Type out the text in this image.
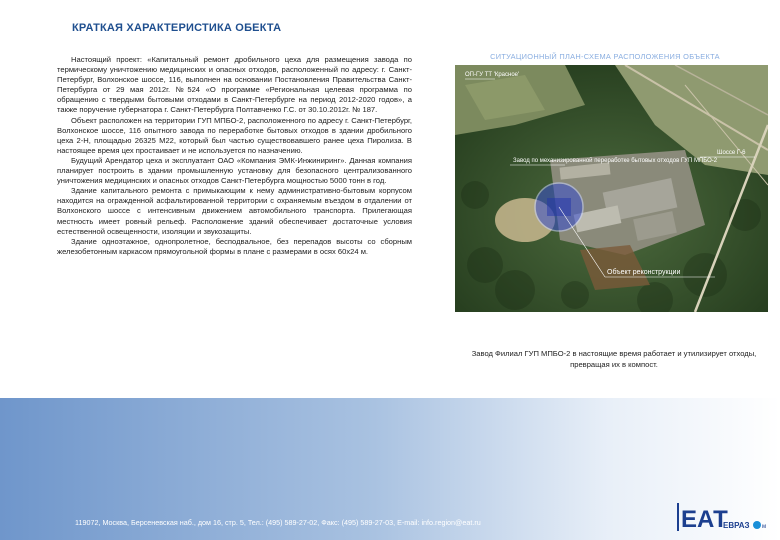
КРАТКАЯ ХАРАКТЕРИСТИКА ОБЕКТА

Настоящий проект: «Капитальный ремонт дробильного цеха для размещения завода по термическому уничтожению медицинских и опасных отходов, расположенный по адресу: г. Санкт-Петербург, Волхонское шоссе, 116, выполнен на основании Постановления Правительства Санкт-Петербурга от 29 мая 2012г. №524 «О программе «Региональная целевая программа по обращению с твердыми бытовыми отходами в Санкт-Петербурге на период 2012-2020 годов», а также поручение губернатора г. Санкт-Петербурга Полтавченко Г.С. от 30.10.2012г. № 187.

Объект расположен на территории ГУП МПБО-2, расположенного по адресу г. Санкт-Петербург, Волхонское шоссе, 116 опытного завода по переработке бытовых отходов в здании дробильного цеха 2-Н, площадью 26325 М22, который был частью существовавшего ранее цеха Пиролиза. В настоящее время цех простаивает и не используется по назначению.

Будущий Арендатор цеха и эксплуатант ОАО «Компания ЭМК-Инжиниринг». Данная компания планирует построить в здании промышленную установку для безопасного централизованного уничтожения медицинских и опасных отходов Санкт-Петербурга мощностью 5000 тонн в год.

Здание капитального ремонта с примыкающим к нему административно-бытовым корпусом находится на огражденной асфальтированной территории с охраняемым въездом в отдалении от Волхонского шоссе с интенсивным движением автомобильного транспорта. Прилегающая местность имеет ровный рельеф. Расположение зданий обеспечивает достаточные условия естественной освещенности, изоляции и звукозащиты.

Здание одноэтажное, однопролетное, бесподвальное, без перепадов высоты со сборным железобетонным каркасом прямоугольной формы в плане с размерами в осях 60х24 м.

СИТУАЦИОННЫЙ ПЛАН-СХЕМА РАСПОЛОЖЕНИЯ ОБЪЕКТА
ОП-ГУ ТТ 'Красное'
Завод по механизированной переработке бытовых отходов ГУП МПБО-2
Шоссе Г-6
Объект реконструкции
Завод Филиал ГУП МПБО-2 в настоящие время работает и утилизирует отходы, превращая их в компост.
119072, Москва, Берсеневская наб., дом 16, стр. 5, Тел.: (495) 589-27-02, Факс: (495) 589-27-03, E-mail: info.region@eat.ru	ЕАТ
ЕВРАЗ м
